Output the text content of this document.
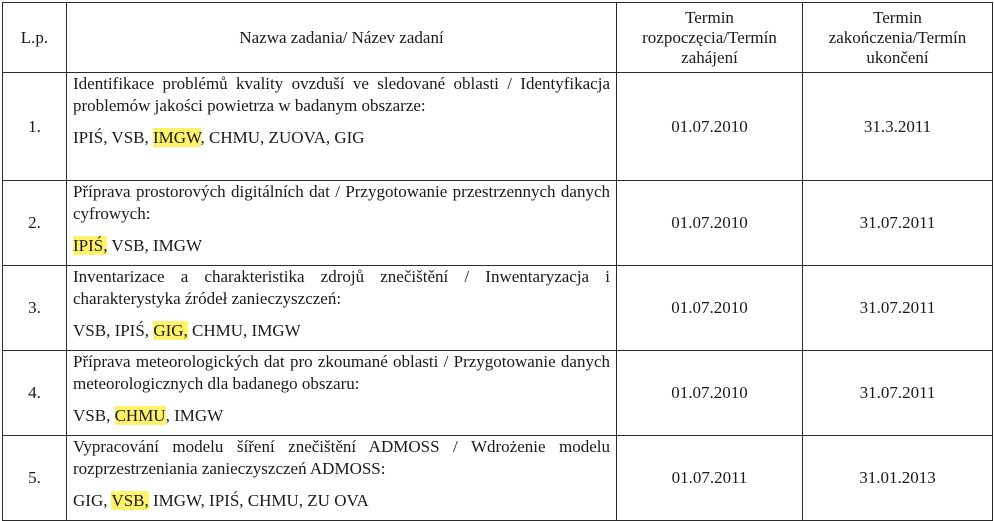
L.p.	Nazwa zadania/ Název zadaní	Termin
rozpoczęcia/Termín
zahájení	Termin
zakończenia/Termín
ukončení

1.	Identifikace problémů kvality ovzduší ve sledované oblasti / Identyfikacja problemów jakości powietrza w badanym obszarze:
IPIŚ, VSB, IMGW, CHMU, ZUOVA, GIG	01.07.2010	31.3.2011
2.	Příprava prostorových digitálních dat / Przygotowanie przestrzennych danych cyfrowych:
IPIŚ, VSB, IMGW	01.07.2010	31.07.2011
3.	Inventarizace a charakteristika zdrojů znečištění / Inwentaryzacja i charakterystyka źródeł zanieczyszczeń:
VSB, IPIŚ, GIG, CHMU, IMGW	01.07.2010	31.07.2011
4.	Příprava meteorologických dat pro zkoumané oblasti / Przygotowanie danych meteorologicznych dla badanego obszaru:
VSB, CHMU, IMGW	01.07.2010	31.07.2011
5.	Vypracování modelu šíření znečištění ADMOSS / Wdrożenie modelu rozprzestrzeniania zanieczyszczeń ADMOSS:
GIG, VSB, IMGW, IPIŚ, CHMU, ZU OVA	01.07.2011	31.01.2013
